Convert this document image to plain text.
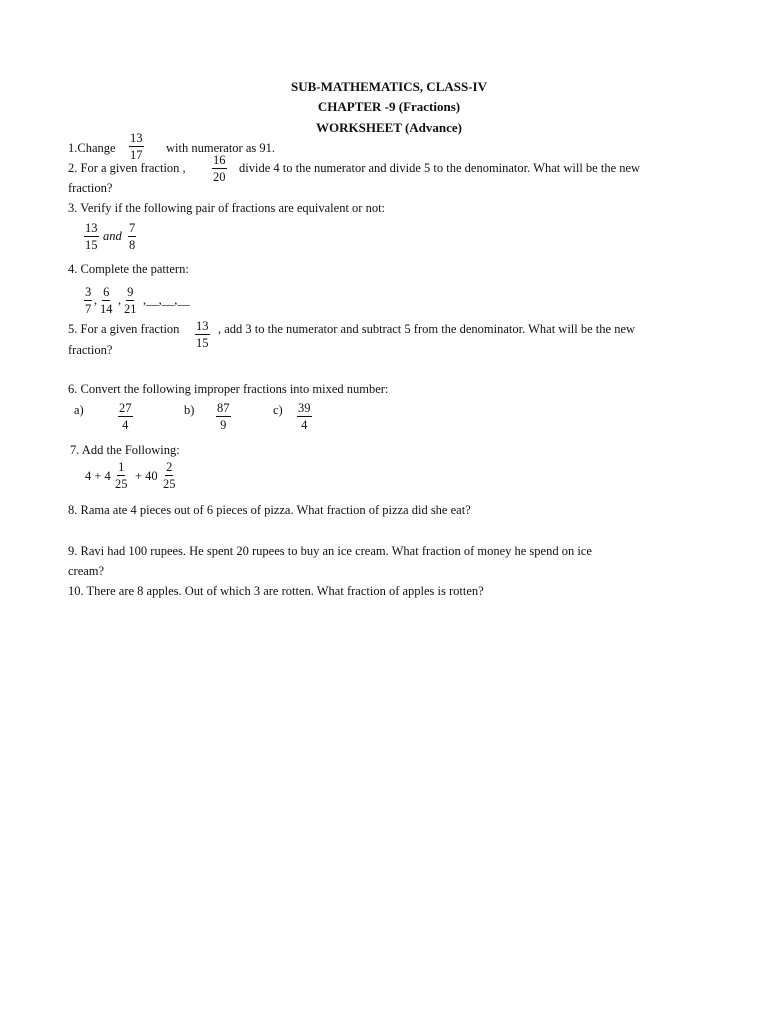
SUB-MATHEMATICS, CLASS-IV
CHAPTER -9 (Fractions)
WORKSHEET (Advance)
1.Change $\frac{13}{17}$ with numerator as 91.
2. For a given fraction , $\frac{16}{20}$ divide 4 to the numerator and divide 5 to the denominator. What will be the new
fraction?
3. Verify if the following pair of fractions are equivalent or not:
$\frac{13}{15}$ and $\frac{7}{8}$
4. Complete the pattern:
$\frac{3}{7}$ , $\frac{6}{14}$ , $\frac{9}{21}$ ,__,__,__
5. For a given fraction $\frac{13}{15}$ , add 3 to the numerator and subtract 5 from the denominator. What will be the new
fraction?
6. Convert the following improper fractions into mixed number:
a)	$\frac{27}{4}$	$b) \frac{87}{9}$	$c) \frac{39}{4}$
7. Add the Following:
$4 + 4 \frac{1}{25} + 40 \frac{2}{25}$
8. Rama ate 4 pieces out of 6 pieces of pizza. What fraction of pizza did she eat?
9. Ravi had 100 rupees. He spent 20 rupees to buy an ice cream. What fraction of money he spend on ice
cream?
10. There are 8 apples. Out of which 3 are rotten. What fraction of apples is rotten?
